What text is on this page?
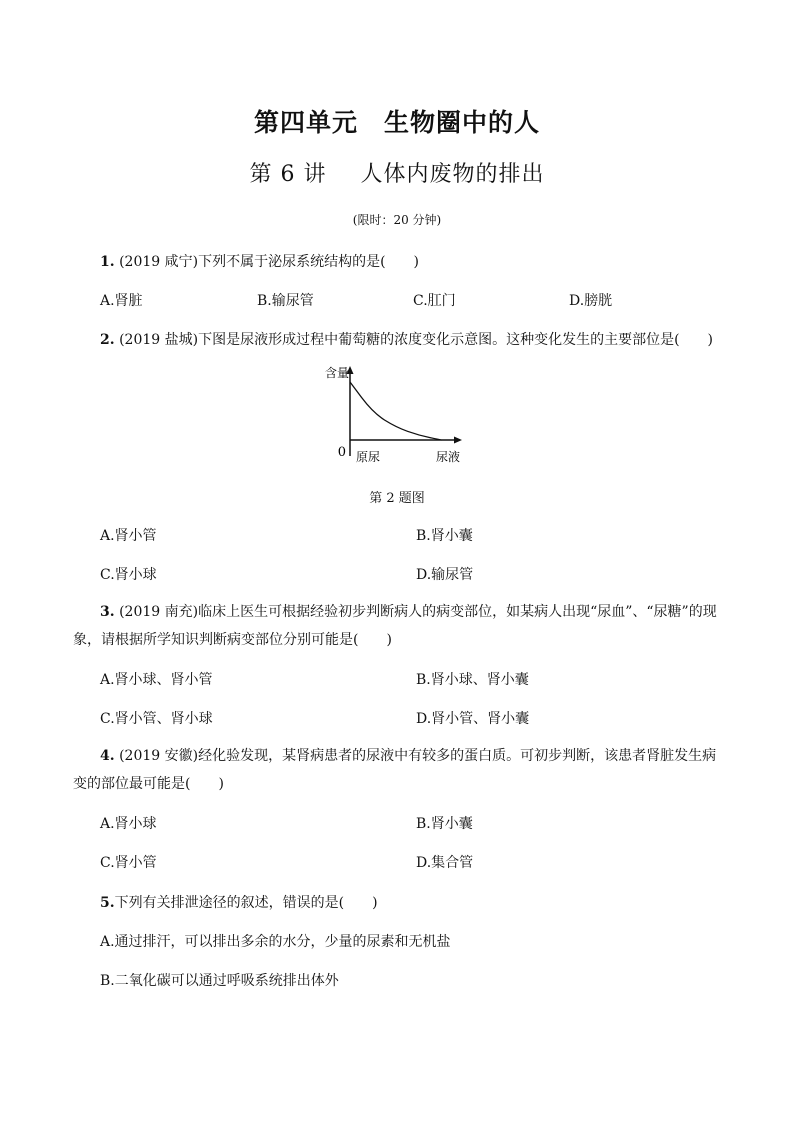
第四单元　生物圈中的人
第 6 讲 人体内废物的排出
(限时：20 分钟)
1. (2019 咸宁)下列不属于泌尿系统结构的是(　　)
A.肾脏	B.输尿管	C.肛门	D.膀胱
2. (2019 盐城)下图是尿液形成过程中葡萄糖的浓度变化示意图。这种变化发生的主要部位是(　　)
含量
0 原尿	尿液
第 2 题图
A.肾小管	B.肾小囊
C.肾小球	D.输尿管
3. (2019 南充)临床上医生可根据经验初步判断病人的病变部位，如某病人出现“尿血”、“尿糖”的现象，请根据所学知识判断病变部位分别可能是(　　)
A.肾小球、肾小管	B.肾小球、肾小囊
C.肾小管、肾小球	D.肾小管、肾小囊
4. (2019 安徽)经化验发现，某肾病患者的尿液中有较多的蛋白质。可初步判断，该患者肾脏发生病变的部位最可能是(　　)
A.肾小球	B.肾小囊
C.肾小管	D.集合管
5.下列有关排泄途径的叙述，错误的是(　　)
A.通过排汗，可以排出多余的水分，少量的尿素和无机盐
B.二氧化碳可以通过呼吸系统排出体外
